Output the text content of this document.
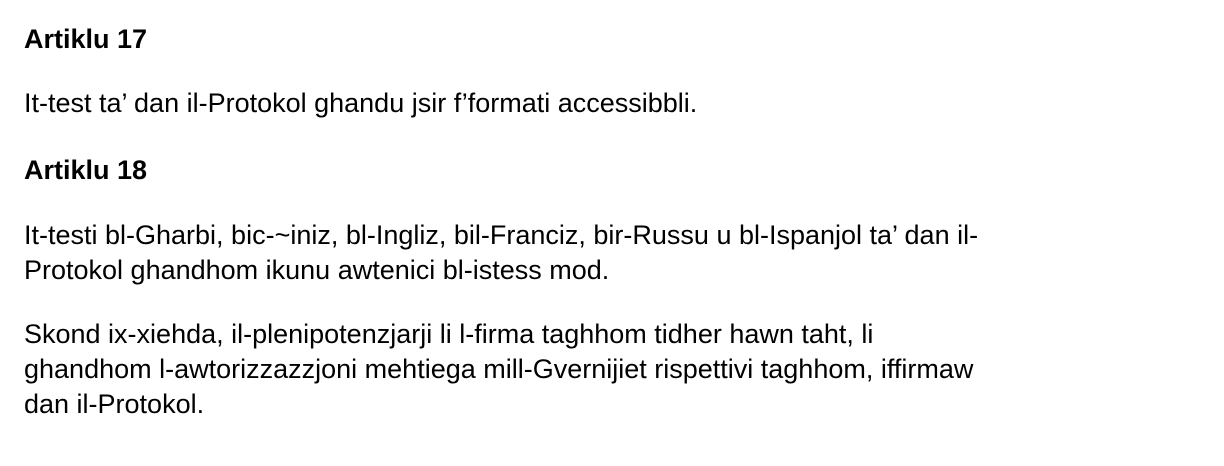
Artiklu 17
It-test ta’ dan il-Protokol ghandu jsir f’formati accessibbli.
Artiklu 18
It-testi bl-Gharbi, bic-~iniz, bl-Ingliz, bil-Franciz, bir-Russu u bl-Ispanjol ta’ dan il-
Protokol ghandhom ikunu awtenici bl-istess mod.
Skond ix-xiehda, il-plenipotenzjarji li l-firma taghhom tidher hawn taht, li
ghandhom l-awtorizzazzjoni mehtiega mill-Gvernijiet rispettivi taghhom, iffirmaw
dan il-Protokol.
